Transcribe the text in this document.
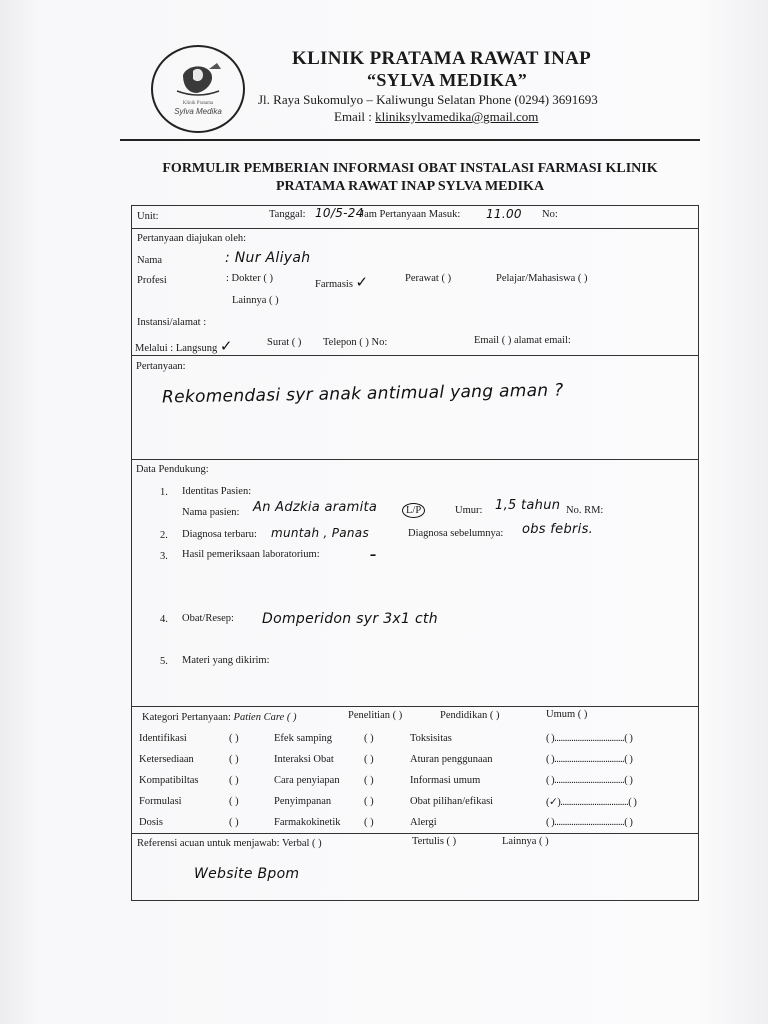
Klinik Pratama
Sylva Medika
KLINIK PRATAMA RAWAT INAP
“SYLVA MEDIKA”
Jl. Raya Sukomulyo – Kaliwungu Selatan Phone (0294) 3691693
Email : kliniksylvamedika@gmail.com
FORMULIR PEMBERIAN INFORMASI OBAT INSTALASI FARMASI KLINIK
PRATAMA RAWAT INAP SYLVA MEDIKA
Unit:	Tanggal: 10/5-24
Jam Pertanyaan Masuk: 11.00 No:
Pertanyaan diajukan oleh:
Nama	: Nur Aliyah
Profesi	: Dokter ( )
Farmasis ✓	Perawat ( )	Pelajar/Mahasiswa ( )
Lainnya ( )
Instansi/alamat :
Melalui : Langsung ✓	Surat ( ) Telepon ( ) No:	Email ( ) alamat email:
Pertanyaan:
Rekomendasi syr anak antimual yang aman ?
Data Pendukung:
1. Identitas Pasien:
Nama pasien: An Adzkia aramita	L/P	Umur: 1,5 tahun No. RM:
2. Diagnosa terbaru: muntah , Panas	Diagnosa sebelumnya: obs febris.
3. Hasil pemeriksaan laboratorium:	–
4. Obat/Resep: Domperidon syr 3x1 cth
5. Materi yang dikirim:
Kategori Pertanyaan: Patien Care ( )	Penelitian ( )	Pendidikan ( )	Umum ( )
Identifikasi	( )	Efek samping	( )	Toksisitas	( ).................................( )
Ketersediaan	( )	Interaksi Obat	( )	Aturan penggunaan	( ).................................( )
Kompatibiltas	( )	Cara penyiapan ( )	Informasi umum	( ).................................( )
Formulasi	( )	Penyimpanan	( )	Obat pilihan/efikasi	(✓)................................( )
Dosis	( )	Farmakokinetik ( )	Alergi	( ).................................( )
Referensi acuan untuk menjawab: Verbal ( )	Tertulis ( )	Lainnya ( )
Website Bpom
